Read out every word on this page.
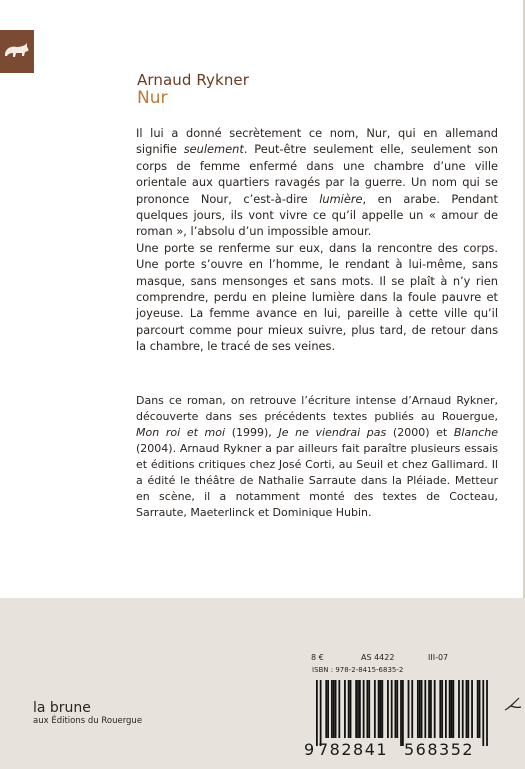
Arnaud Rykner
Nur

Il lui a donné secrètement ce nom, Nur, qui en allemand signifie seulement. Peut-être seulement elle, seulement son corps de femme enfermé dans une chambre d’une ville orientale aux quartiers ravagés par la guerre. Un nom qui se prononce Nour, c’est-à-dire lumière, en arabe. Pendant quelques jours, ils vont vivre ce qu’il appelle un « amour de roman », l’absolu d’un impossible amour.

Une porte se renferme sur eux, dans la rencontre des corps. Une porte s’ouvre en l’homme, le rendant à lui-même, sans masque, sans mensonges et sans mots. Il se plaît à n’y rien comprendre, perdu en pleine lumière dans la foule pauvre et joyeuse. La femme avance en lui, pareille à cette ville qu’il parcourt comme pour mieux suivre, plus tard, de retour dans la chambre, le tracé de ses veines.

Dans ce roman, on retrouve l’écriture intense d’Arnaud Rykner, découverte dans ses précédents textes publiés au Rouergue, Mon roi et moi (1999), Je ne viendrai pas (2000) et Blanche (2004). Arnaud Rykner a par ailleurs fait paraître plusieurs essais et éditions critiques chez José Corti, au Seuil et chez Gallimard. Il a édité le théâtre de Nathalie Sarraute dans la Pléiade. Metteur en scène, il a notamment monté des textes de Cocteau, Sarraute, Maeterlinck et Dominique Hubin.

la brune
aux Éditions du Rouergue
8 €	AS 4422	III-07
ISBN : 978-2-8415-6835-2
9 782841 568352
